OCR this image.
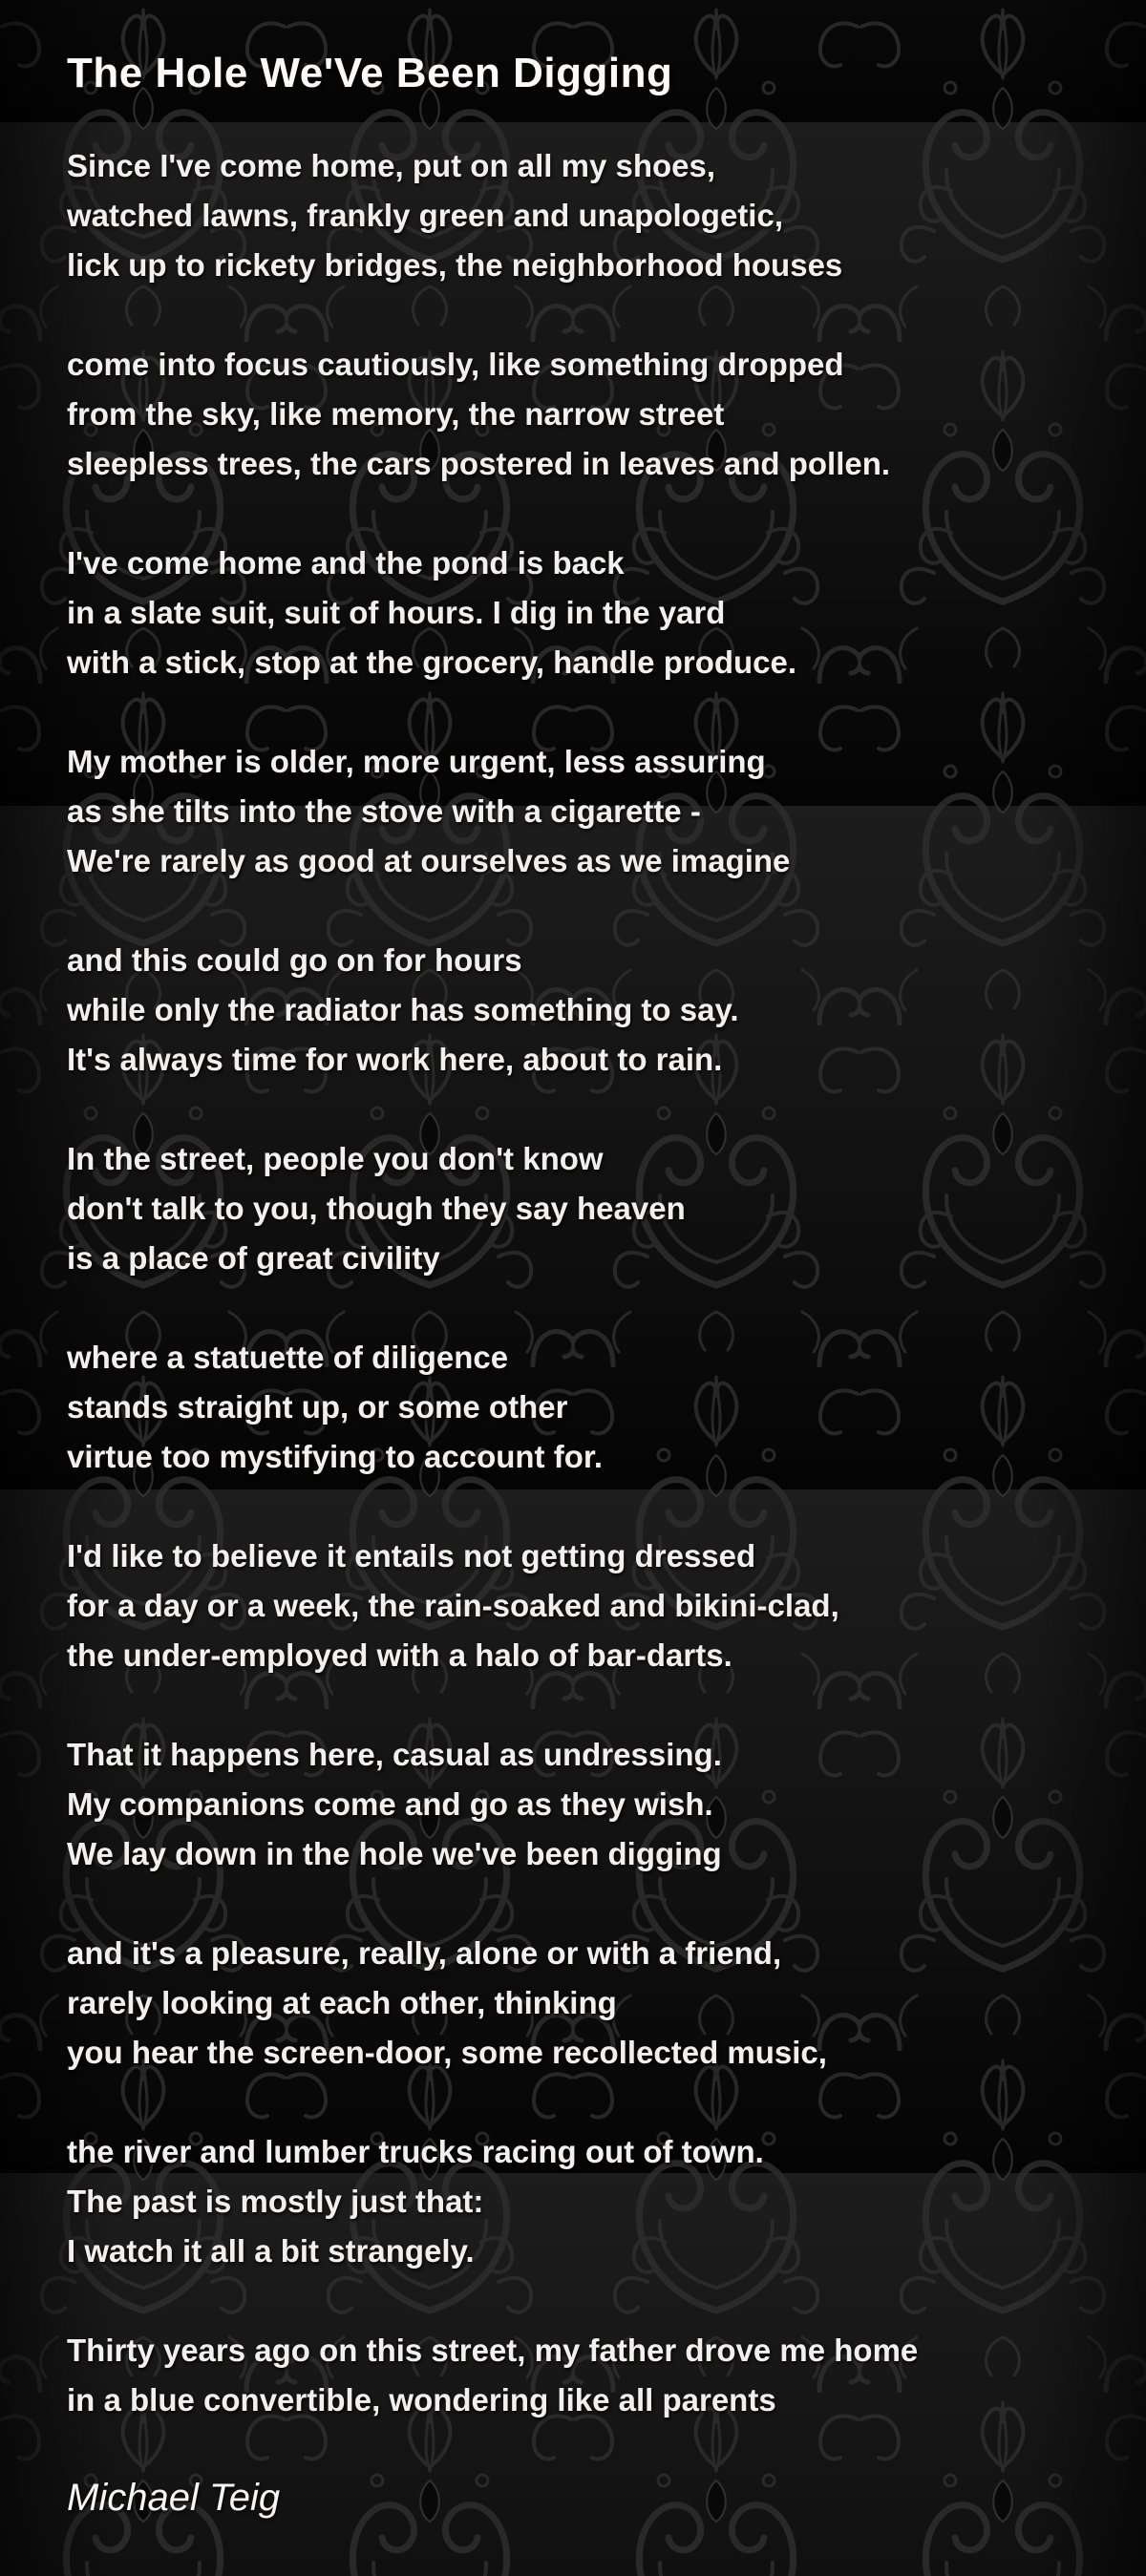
The Hole We'Ve Been Digging

Since I've come home, put on all my shoes,

watched lawns, frankly green and unapologetic,

lick up to rickety bridges, the neighborhood houses

come into focus cautiously, like something dropped

from the sky, like memory, the narrow street

sleepless trees, the cars postered in leaves and pollen.

I've come home and the pond is back

in a slate suit, suit of hours. I dig in the yard

with a stick, stop at the grocery, handle produce.

My mother is older, more urgent, less assuring

as she tilts into the stove with a cigarette -

We're rarely as good at ourselves as we imagine

and this could go on for hours

while only the radiator has something to say.

It's always time for work here, about to rain.

In the street, people you don't know

don't talk to you, though they say heaven

is a place of great civility

where a statuette of diligence

stands straight up, or some other

virtue too mystifying to account for.

I'd like to believe it entails not getting dressed

for a day or a week, the rain-soaked and bikini-clad,

the under-employed with a halo of bar-darts.

That it happens here, casual as undressing.

My companions come and go as they wish.

We lay down in the hole we've been digging

and it's a pleasure, really, alone or with a friend,

rarely looking at each other, thinking

you hear the screen-door, some recollected music,

the river and lumber trucks racing out of town.

The past is mostly just that:

I watch it all a bit strangely.

Thirty years ago on this street, my father drove me home

in a blue convertible, wondering like all parents

Michael Teig
